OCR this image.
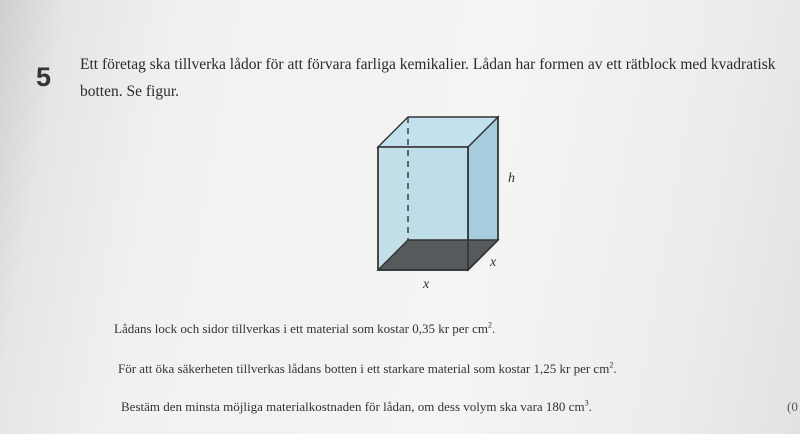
5 Ett företag ska tillverka lådor för att förvara farliga kemikalier. Lådan har formen av ett rätblock med kvadratisk
botten. Se figur.
h
x
x
Lådans lock och sidor tillverkas i ett material som kostar 0,35 kr per $cm^2$.
För att öka säkerheten tillverkas lådans botten i ett starkare material som kostar 1,25 kr per $cm^2$.
Bestäm den minsta möjliga materialkostnaden för lådan, om dess volym ska vara 180 $cm^3$.	(0
